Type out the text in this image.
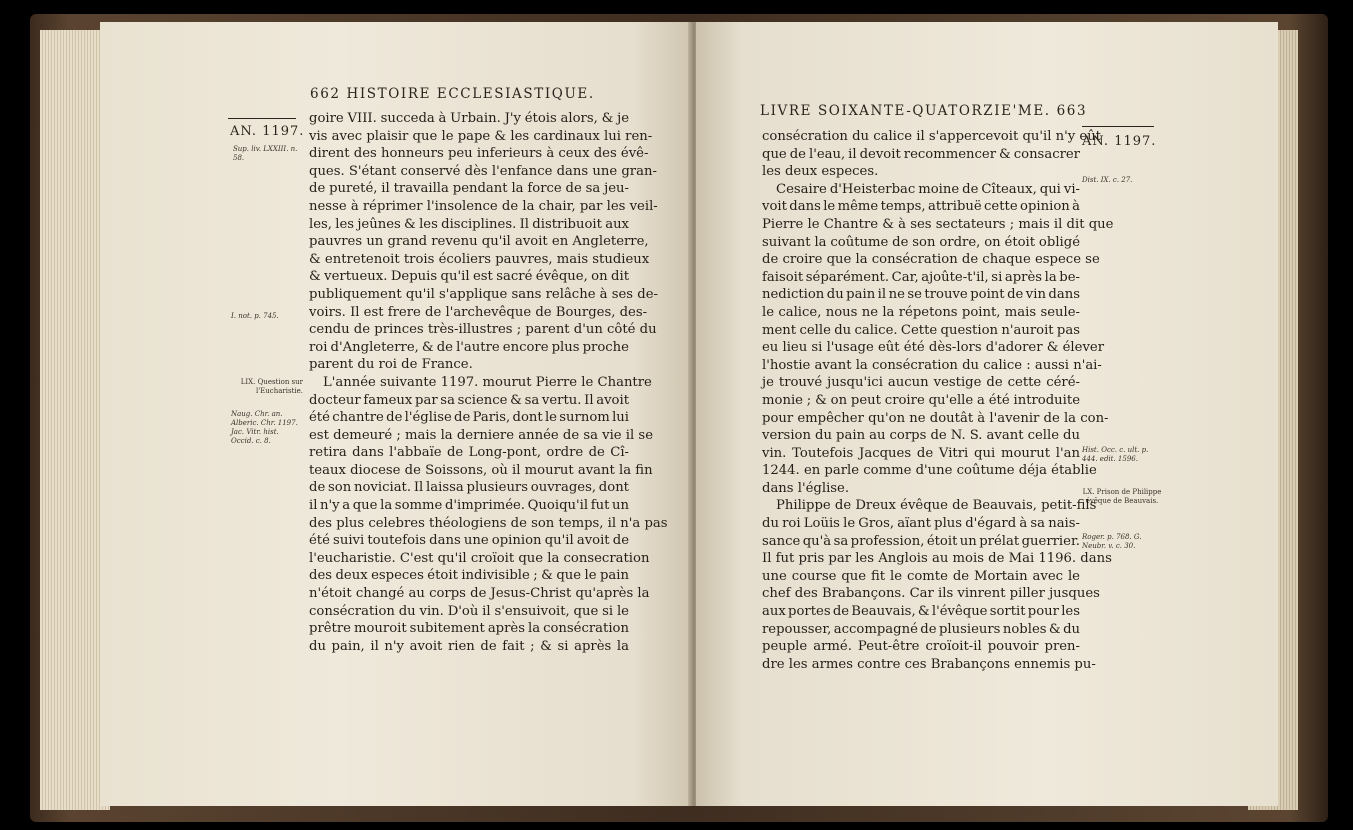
662 HISTOIRE ECCLESIASTIQUE.
AN. 1197.
Sup. liv. LXXIII. n. 58.
I. not. p. 745.
LIX. Question sur l'Eucharistie.
Naug. Chr. an. Alberic. Chr. 1197. Jac. Vitr. hist. Occid. c. 8.
goire VIII. succeda à Urbain. J'y étois alors, & je
vis avec plaisir que le pape & les cardinaux lui ren-
dirent des honneurs peu inferieurs à ceux des évê-
ques. S'étant conservé dès l'enfance dans une gran-
de pureté, il travailla pendant la force de sa jeu-
nesse à réprimer l'insolence de la chair, par les veil-
les, les jeûnes & les disciplines. Il distribuoit aux
pauvres un grand revenu qu'il avoit en Angleterre,
& entretenoit trois écoliers pauvres, mais studieux
& vertueux. Depuis qu'il est sacré évêque, on dit
publiquement qu'il s'applique sans relâche à ses de-
voirs. Il est frere de l'archevêque de Bourges, des-
cendu de princes très-illustres ; parent d'un côté du
roi d'Angleterre, & de l'autre encore plus proche
parent du roi de France.
L'année suivante 1197. mourut Pierre le Chantre
docteur fameux par sa science & sa vertu. Il avoit
été chantre de l'église de Paris, dont le surnom lui
est demeuré ; mais la derniere année de sa vie il se
retira dans l'abbaïe de Long-pont, ordre de Cî-
teaux diocese de Soissons, où il mourut avant la fin
de son noviciat. Il laissa plusieurs ouvrages, dont
il n'y a que la somme d'imprimée. Quoiqu'il fut un
des plus celebres théologiens de son temps, il n'a pas
été suivi toutefois dans une opinion qu'il avoit de
l'eucharistie. C'est qu'il croïoit que la consecration
des deux especes étoit indivisible ; & que le pain
n'étoit changé au corps de Jesus-Christ qu'après la
consécration du vin. D'où il s'ensuivoit, que si le
prêtre mouroit subitement après la consécration
du pain, il n'y avoit rien de fait ; & si après la
LIVRE SOIXANTE-QUATORZIE'ME. 663
AN. 1197.
Dist. IX. c. 27.
Hist. Occ. c. ult. p. 444. edit. 1596.
LX. Prison de Philippe évêque de Beauvais.
Roger. p. 768. G. Neubr. v. c. 30.
consécration du calice il s'appercevoit qu'il n'y eût
que de l'eau, il devoit recommencer & consacrer
les deux especes.
Cesaire d'Heisterbac moine de Cîteaux, qui vi-
voit dans le même temps, attribuë cette opinion à
Pierre le Chantre & à ses sectateurs ; mais il dit que
suivant la coûtume de son ordre, on étoit obligé
de croire que la consécration de chaque espece se
faisoit séparément. Car, ajoûte-t'il, si après la be-
nediction du pain il ne se trouve point de vin dans
le calice, nous ne la répetons point, mais seule-
ment celle du calice. Cette question n'auroit pas
eu lieu si l'usage eût été dès-lors d'adorer & élever
l'hostie avant la consécration du calice : aussi n'ai-
je trouvé jusqu'ici aucun vestige de cette céré-
monie ; & on peut croire qu'elle a été introduite
pour empêcher qu'on ne doutât à l'avenir de la con-
version du pain au corps de N. S. avant celle du
vin. Toutefois Jacques de Vitri qui mourut l'an
1244. en parle comme d'une coûtume déja établie
dans l'église.
Philippe de Dreux évêque de Beauvais, petit-fils
du roi Loüis le Gros, aïant plus d'égard à sa nais-
sance qu'à sa profession, étoit un prélat guerrier.
Il fut pris par les Anglois au mois de Mai 1196. dans
une course que fit le comte de Mortain avec le
chef des Brabançons. Car ils vinrent piller jusques
aux portes de Beauvais, & l'évêque sortit pour les
repousser, accompagné de plusieurs nobles & du
peuple armé. Peut-être croïoit-il pouvoir pren-
dre les armes contre ces Brabançons ennemis pu-
